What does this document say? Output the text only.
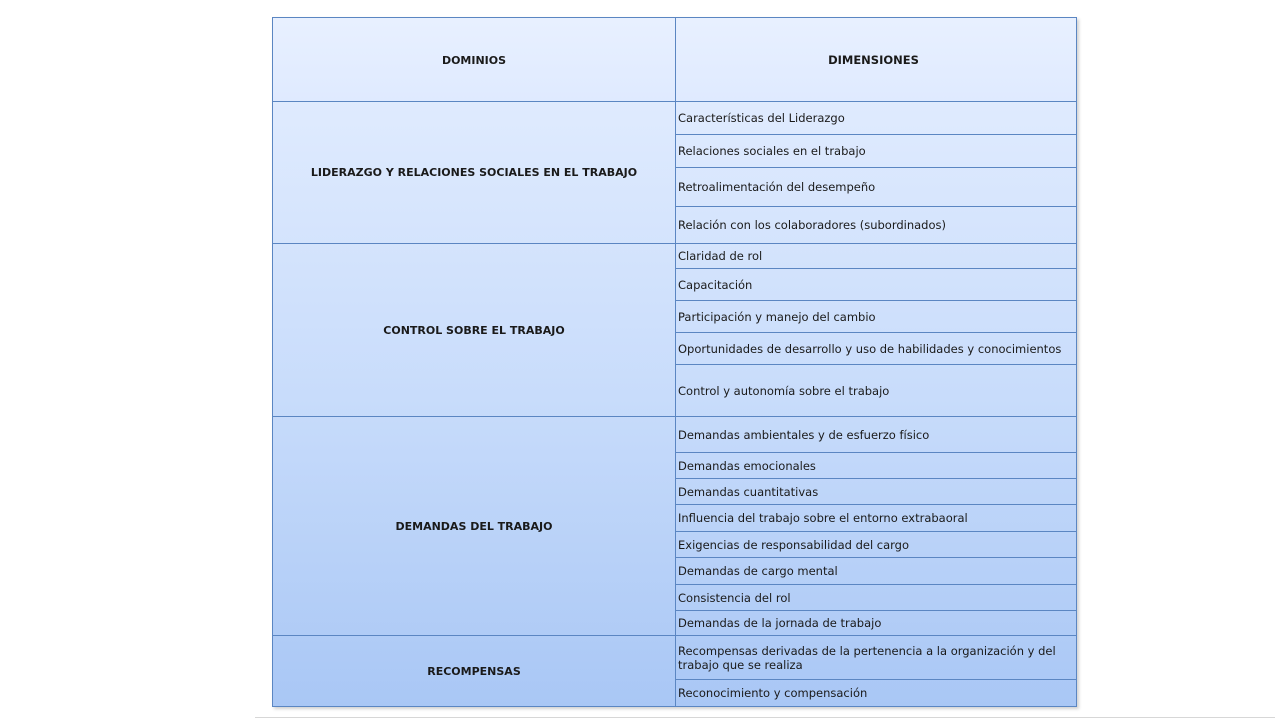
DOMINIOS	DIMENSIONES
LIDERAZGO Y RELACIONES SOCIALES EN EL TRABAJO
Características del Liderazgo
Relaciones sociales en el trabajo
Retroalimentación del desempeño
Relación con los colaboradores (subordinados)
CONTROL SOBRE EL TRABAJO
Claridad de rol
Capacitación
Participación y manejo del cambio
Oportunidades de desarrollo y uso de habilidades y conocimientos
Control y autonomía sobre el trabajo
DEMANDAS DEL TRABAJO
Demandas ambientales y de esfuerzo físico
Demandas emocionales
Demandas cuantitativas
Influencia del trabajo sobre el entorno extrabaoral
Exigencias de responsabilidad del cargo
Demandas de cargo mental
Consistencia del rol
Demandas de la jornada de trabajo
RECOMPENSAS
Recompensas derivadas de la pertenencia a la organización y del trabajo que se realiza
Reconocimiento y compensación
